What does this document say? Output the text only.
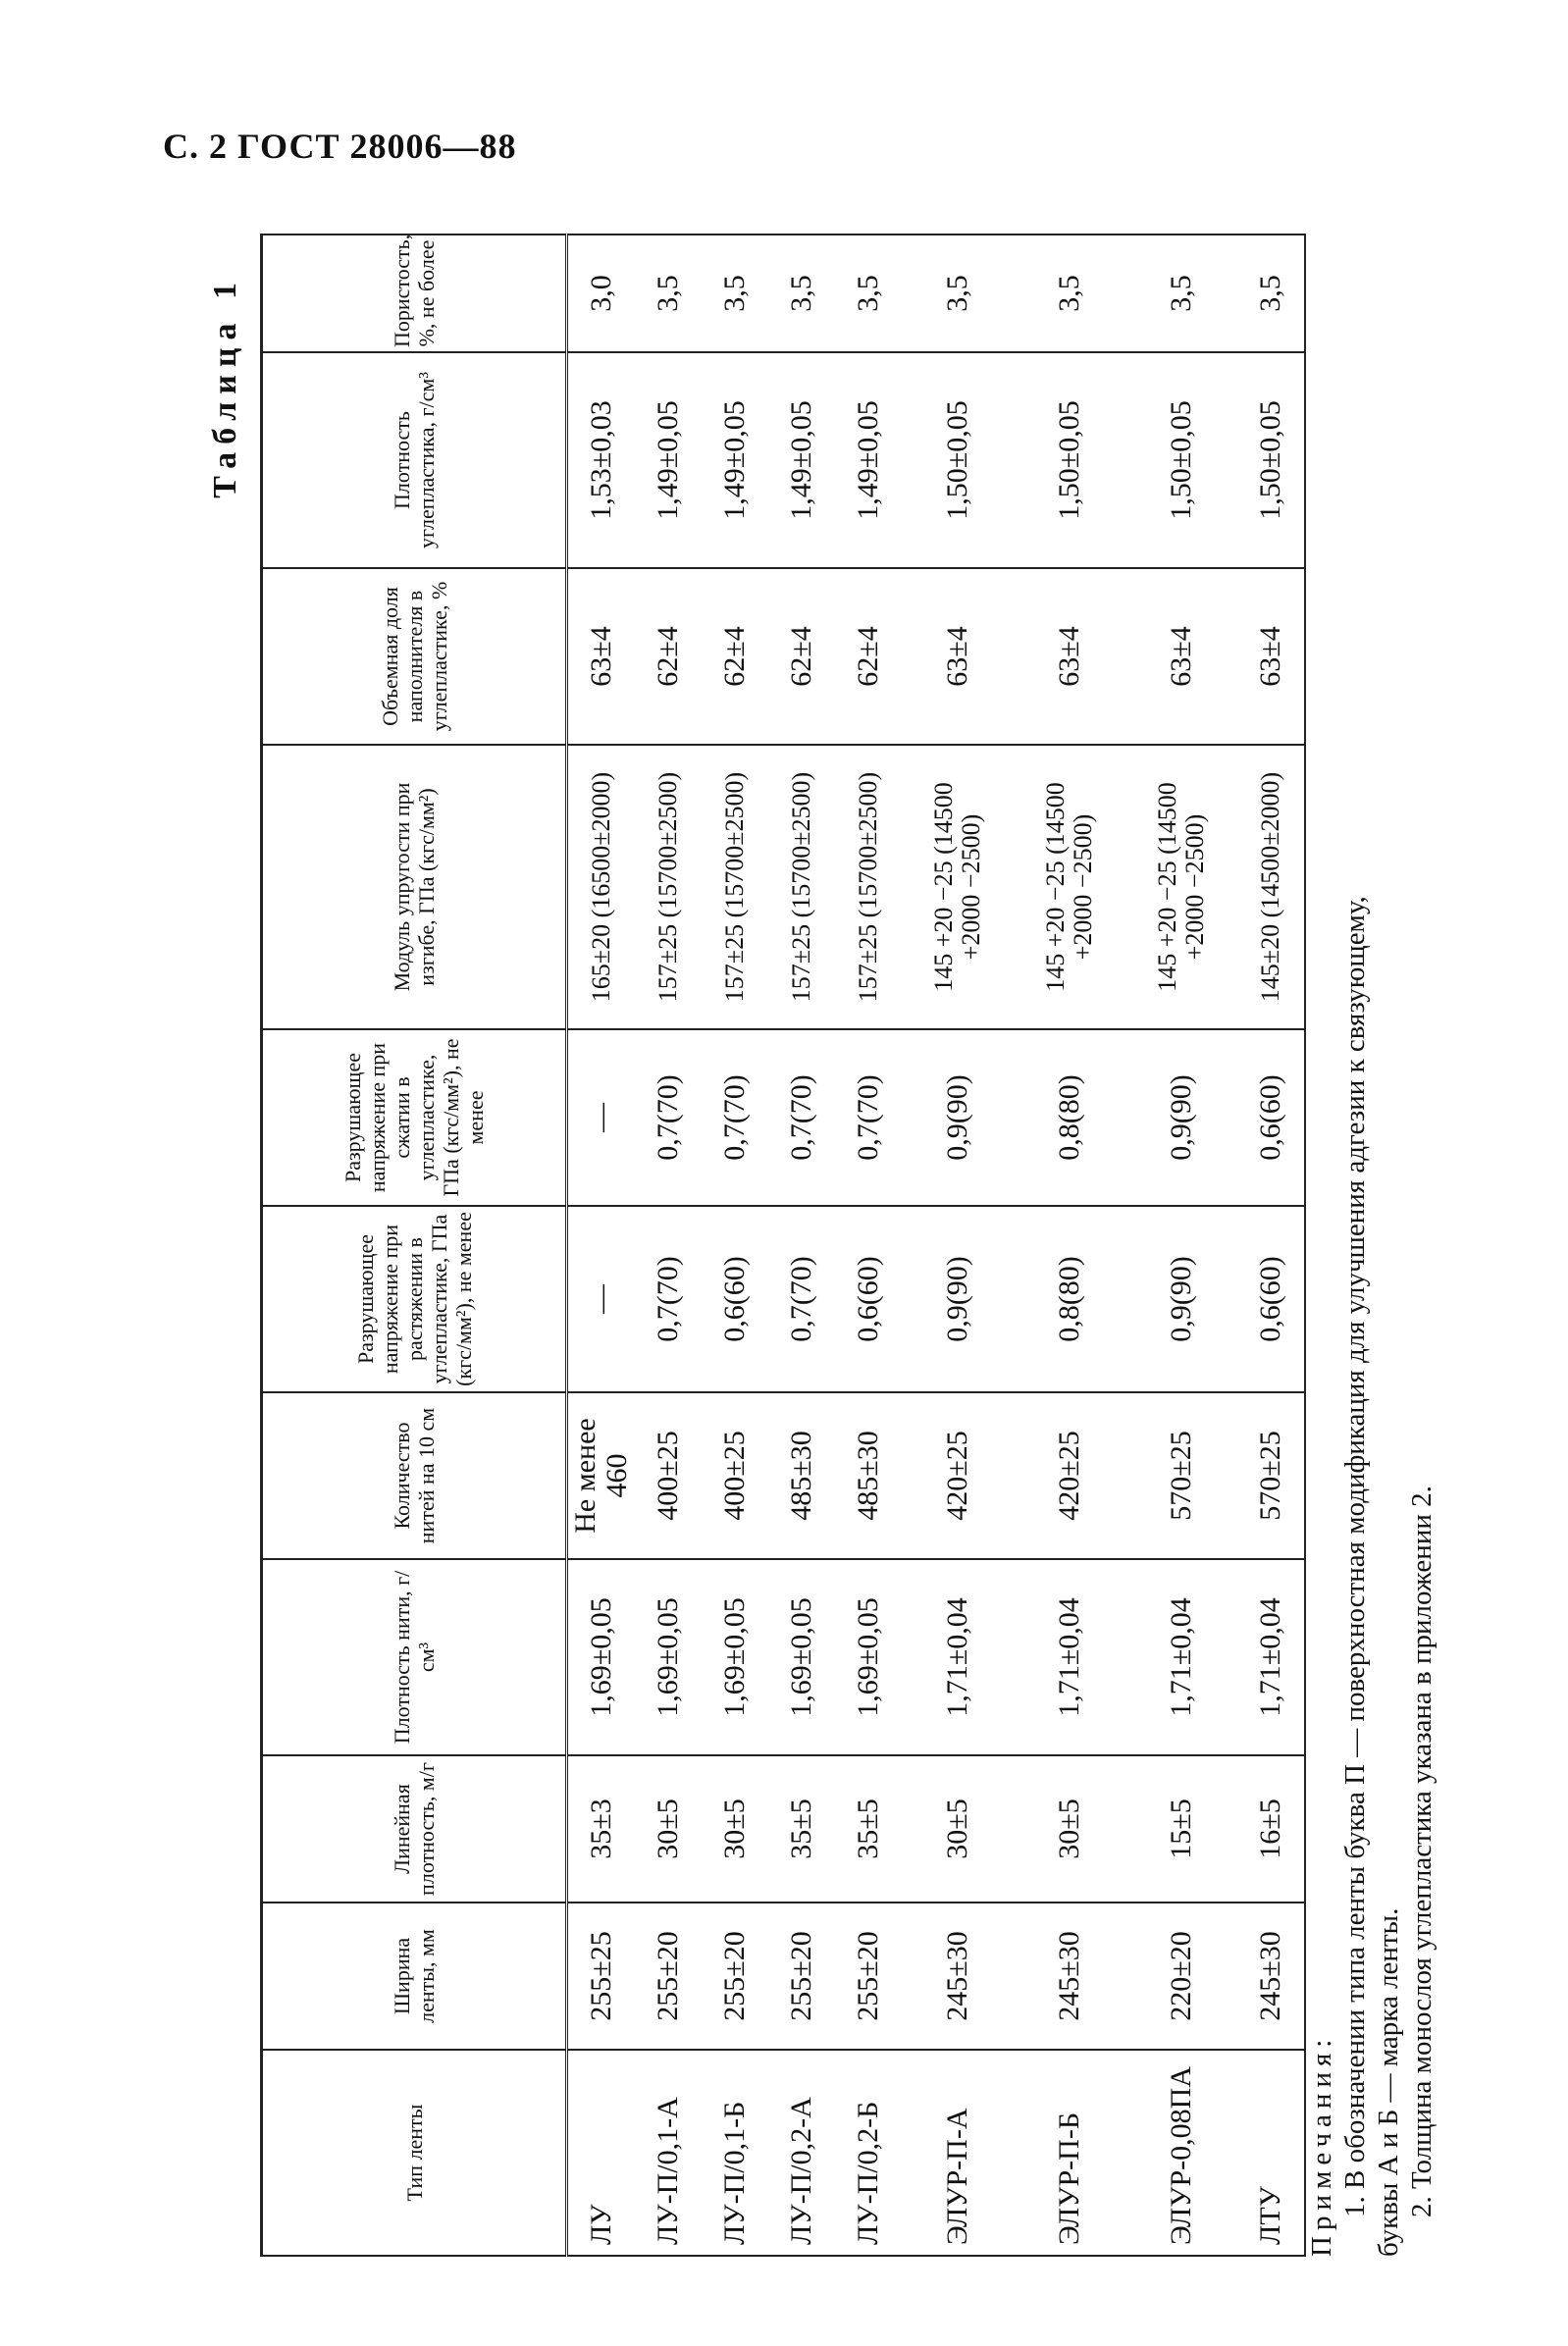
С. 2 ГОСТ 28006—88
Таблица 1
Тип ленты	Ширина ленты, мм	Линейная плотность, м/г	Плотность нити, г/см³	Количество нитей на 10 см	Разрушающее напряжение при растяжении в углепластике, ГПа (кгс/мм²), не менее	Разрушающее напряжение при сжатии в углепластике, ГПа (кгс/мм²), не менее	Модуль упругости при изгибе, ГПа (кгс/мм²)	Объемная доля наполнителя в углепластике, %	Плотность углепластика, г/см³	Пористость, %, не более
ЛУ	255±25	35±3	1,69±0,05	Не менее 460	—	—	165±20 (16500±2000)	63±4	1,53±0,03	3,0
ЛУ-П/0,1-А	255±20	30±5	1,69±0,05	400±25	0,7(70)	0,7(70)	157±25 (15700±2500)	62±4	1,49±0,05	3,5
ЛУ-П/0,1-Б	255±20	30±5	1,69±0,05	400±25	0,6(60)	0,7(70)	157±25 (15700±2500)	62±4	1,49±0,05	3,5
ЛУ-П/0,2-А	255±20	35±5	1,69±0,05	485±30	0,7(70)	0,7(70)	157±25 (15700±2500)	62±4	1,49±0,05	3,5
ЛУ-П/0,2-Б	255±20	35±5	1,69±0,05	485±30	0,6(60)	0,7(70)	157±25 (15700±2500)	62±4	1,49±0,05	3,5
ЭЛУР-П-А	245±30	30±5	1,71±0,04	420±25	0,9(90)	0,9(90)	145 +20 −25 (14500 +2000 −2500)	63±4	1,50±0,05	3,5
ЭЛУР-П-Б	245±30	30±5	1,71±0,04	420±25	0,8(80)	0,8(80)	145 +20 −25 (14500 +2000 −2500)	63±4	1,50±0,05	3,5
ЭЛУР-0,08ПА	220±20	15±5	1,71±0,04	570±25	0,9(90)	0,9(90)	145 +20 −25 (14500 +2000 −2500)	63±4	1,50±0,05	3,5
ЛТУ	245±30	16±5	1,71±0,04	570±25	0,6(60)	0,6(60)	145±20 (14500±2000)	63±4	1,50±0,05	3,5

Примечания: 1. В обозначении типа ленты буква П — поверхностная модификация для улучшения адгезии к связующему, буквы А и Б — марка ленты. 2. Толщина монослоя углепластика указана в приложении 2.
